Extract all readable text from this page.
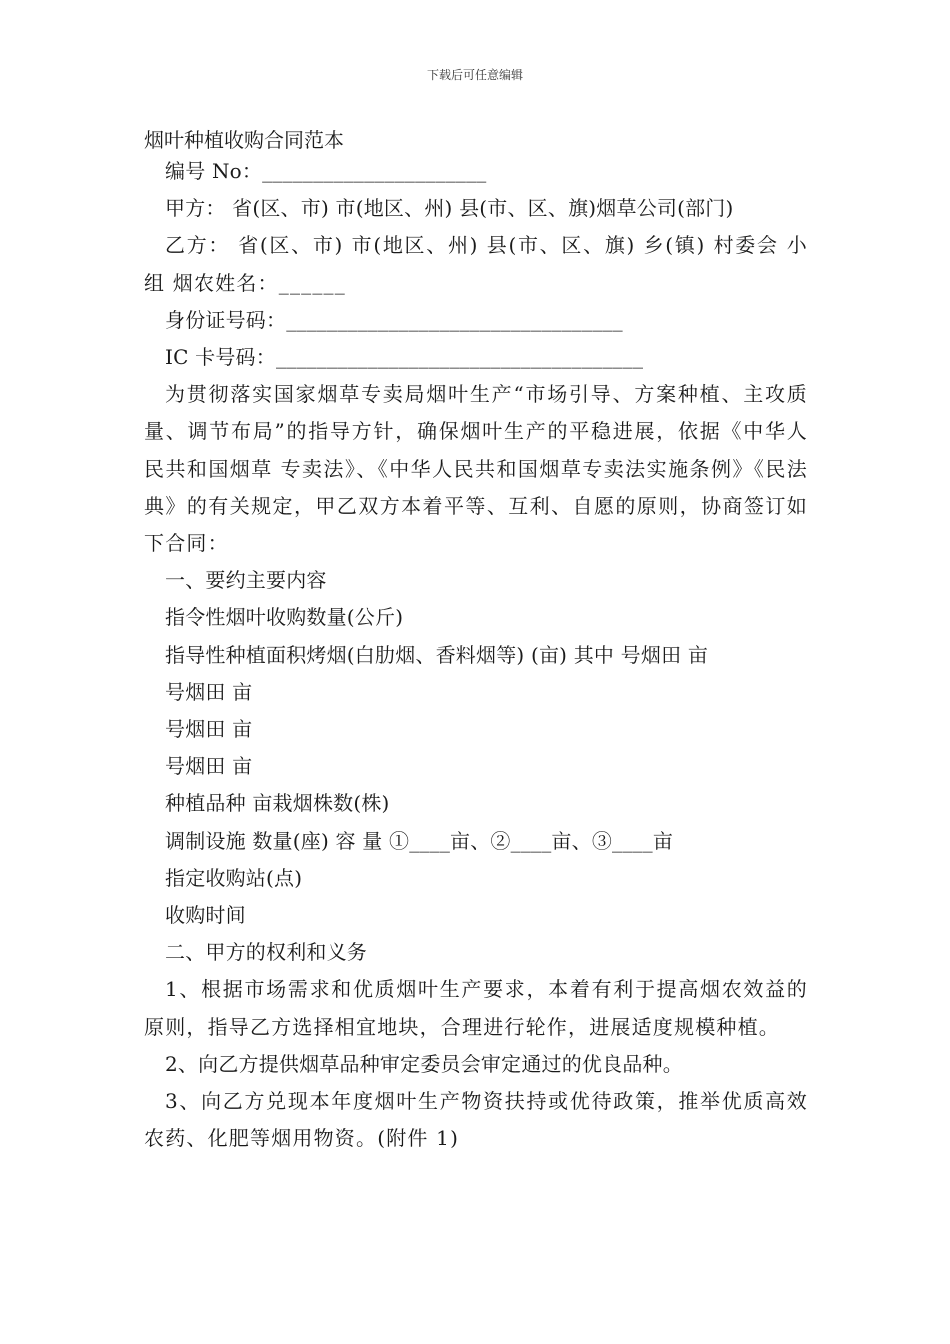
下载后可任意编辑
烟叶种植收购合同范本

编号 No：______________________

甲方： 省(区、市) 市(地区、州) 县(市、区、旗)烟草公司(部门)

乙方： 省(区、市) 市(地区、州) 县(市、区、旗) 乡(镇) 村委会 小组 烟农姓名：______

身份证号码：_________________________________

IC 卡号码：____________________________________

为贯彻落实国家烟草专卖局烟叶生产“市场引导、方案种植、主攻质量、调节布局”的指导方针，确保烟叶生产的平稳进展，依据《中华人民共和国烟草 专卖法》、《中华人民共和国烟草专卖法实施条例》《民法典》的有关规定，甲乙双方本着平等、互利、自愿的原则，协商签订如下合同：

一、要约主要内容

指令性烟叶收购数量(公斤)

指导性种植面积烤烟(白肋烟、香料烟等) (亩) 其中 号烟田 亩

号烟田 亩

号烟田 亩

号烟田 亩

种植品种 亩栽烟株数(株)

调制设施 数量(座) 容 量 ①____亩、②____亩、③____亩

指定收购站(点)

收购时间

二、甲方的权利和义务

1、根据市场需求和优质烟叶生产要求，本着有利于提高烟农效益的原则，指导乙方选择相宜地块，合理进行轮作，进展适度规模种植。

2、向乙方提供烟草品种审定委员会审定通过的优良品种。

3、向乙方兑现本年度烟叶生产物资扶持或优待政策，推举优质高效农药、化肥等烟用物资。(附件 1)
